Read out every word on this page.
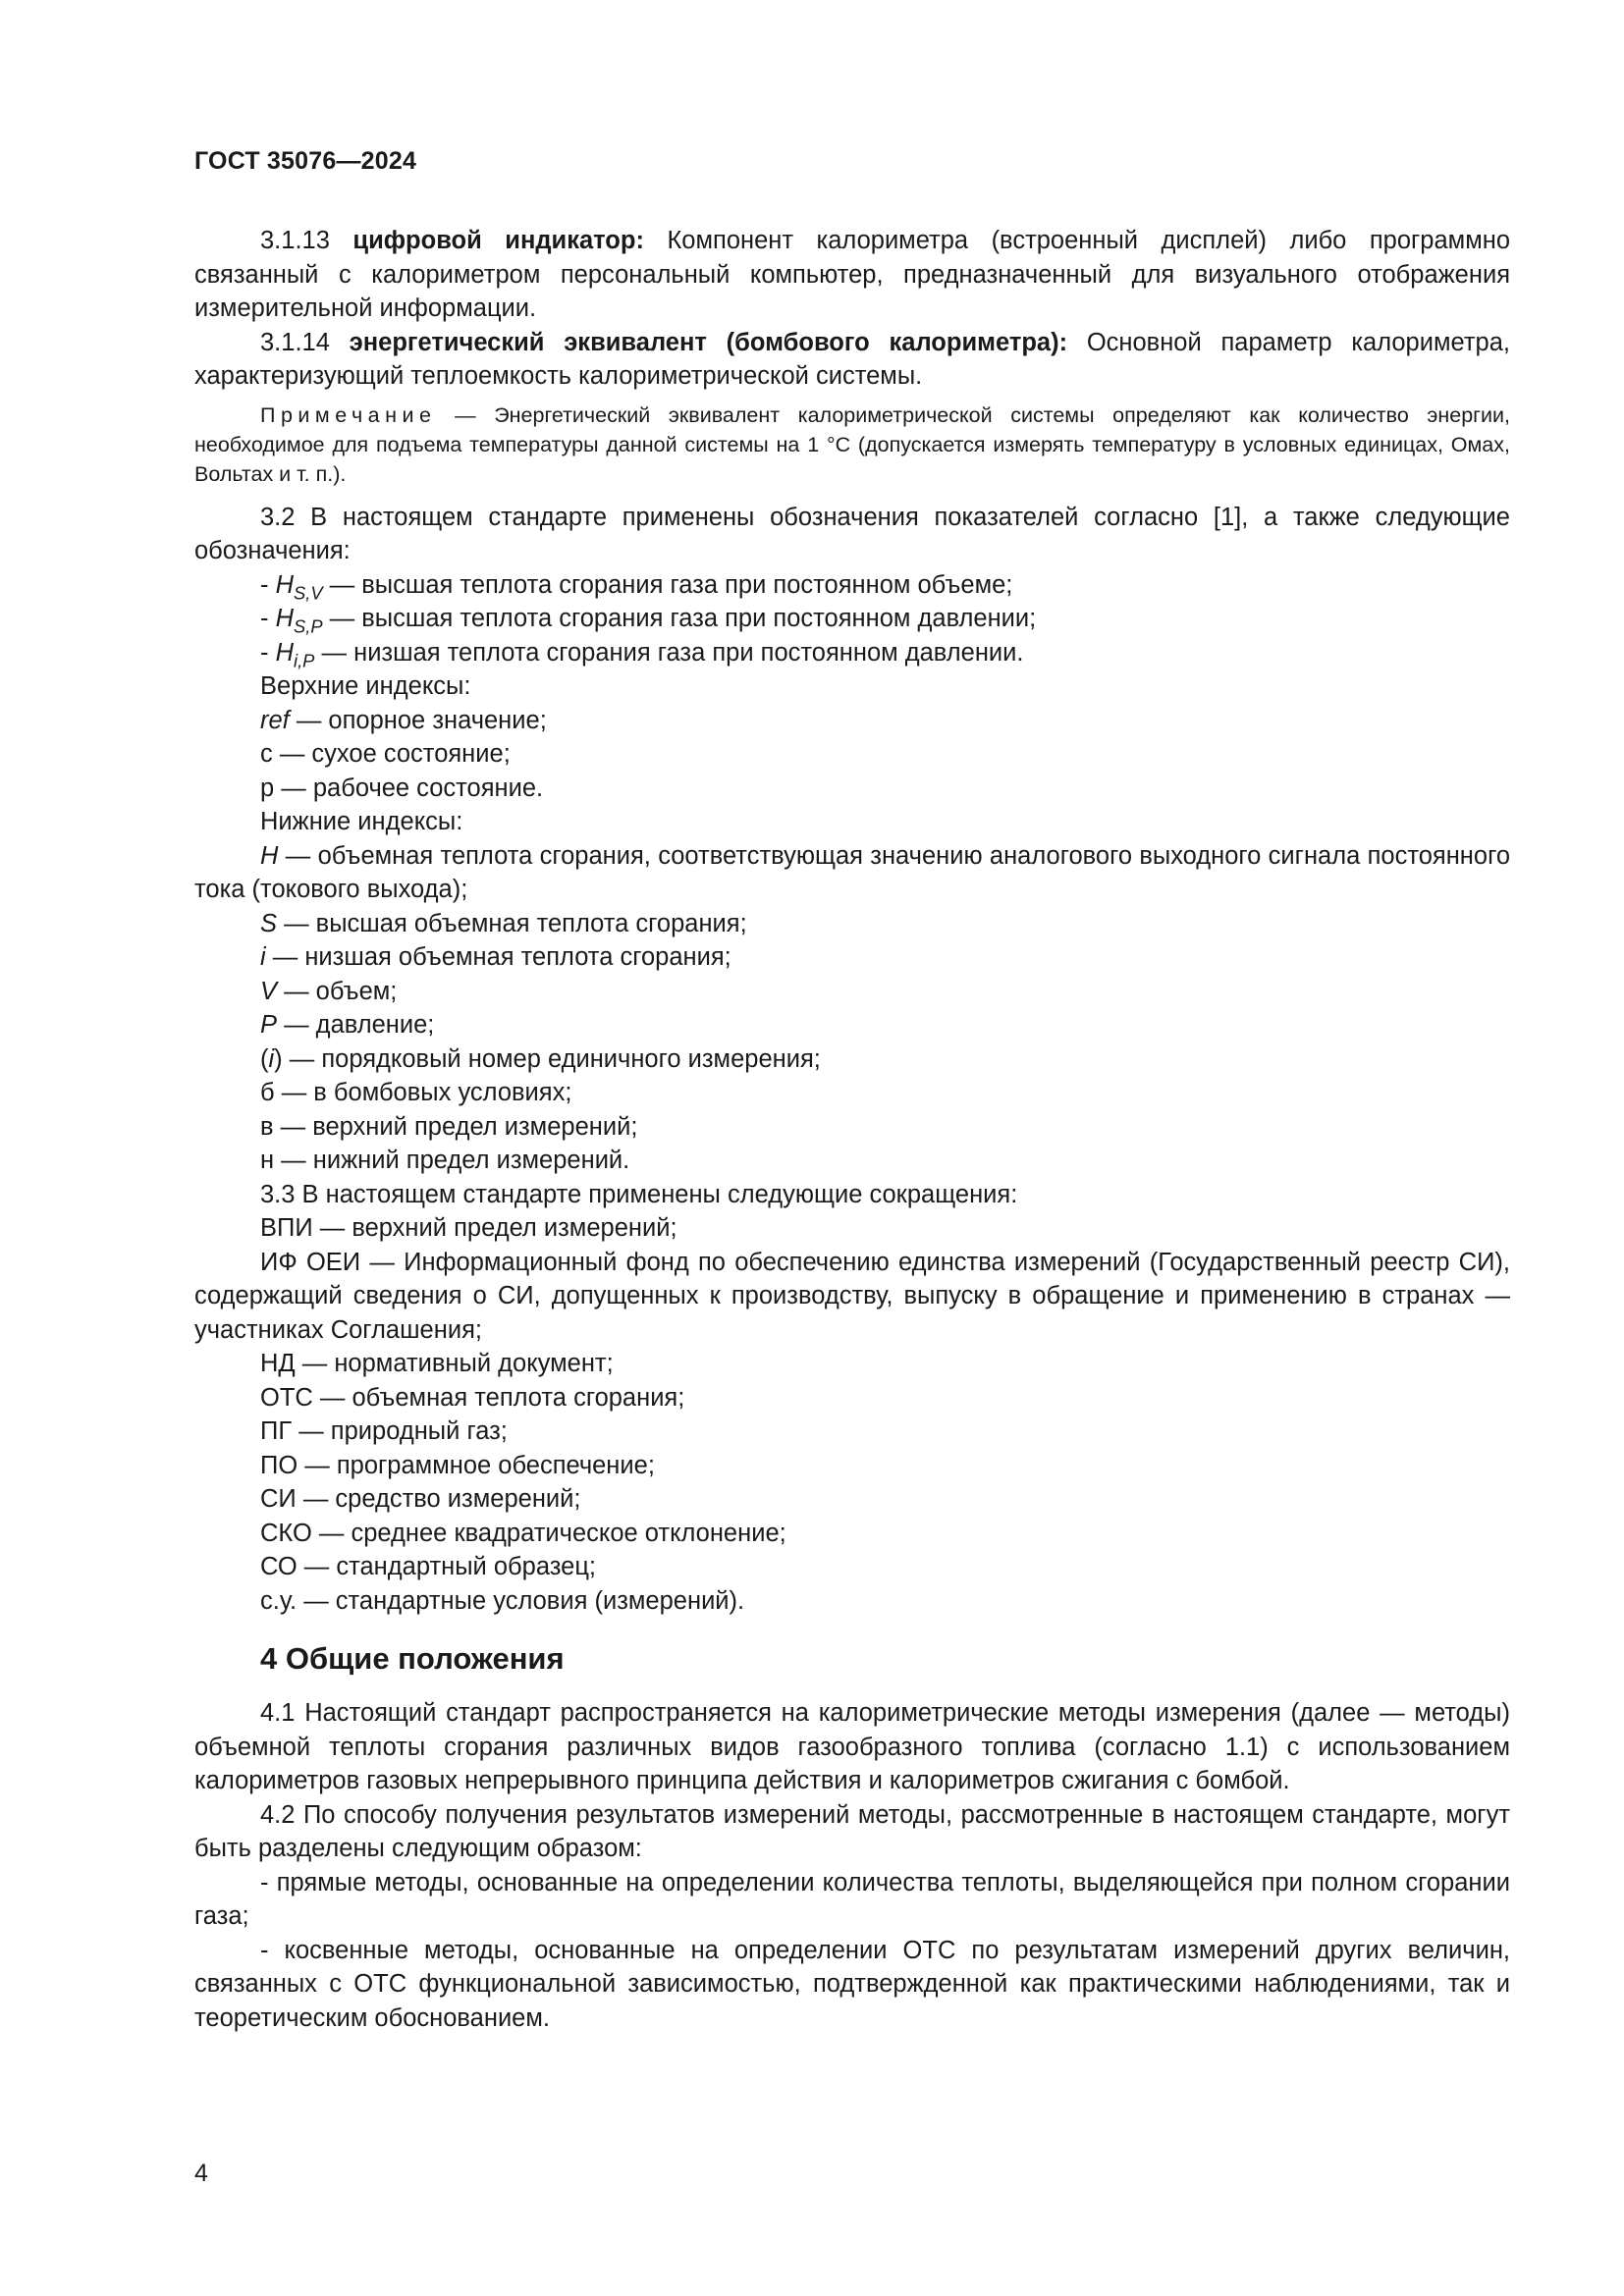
ГОСТ 35076—2024

3.1.13 цифровой индикатор: Компонент калориметра (встроенный дисплей) либо программно связанный с калориметром персональный компьютер, предназначенный для визуального отображения измерительной информации.

3.1.14 энергетический эквивалент (бомбового калориметра): Основной параметр калориметра, характеризующий теплоемкость калориметрической системы.

Примечание — Энергетический эквивалент калориметрической системы определяют как количество энергии, необходимое для подъема температуры данной системы на 1 °С (допускается измерять температуру в условных единицах, Омах, Вольтах и т. п.).

3.2 В настоящем стандарте применены обозначения показателей согласно [1], а также следующие обозначения:

- $H_{S,V}$ — высшая теплота сгорания газа при постоянном объеме;

- $H_{S,P}$ — высшая теплота сгорания газа при постоянном давлении;

- $H_{i,P}$ — низшая теплота сгорания газа при постоянном давлении.

Верхние индексы:

ref — опорное значение;

с — сухое состояние;

р — рабочее состояние.

Нижние индексы:

H — объемная теплота сгорания, соответствующая значению аналогового выходного сигнала постоянного тока (токового выхода);

S — высшая объемная теплота сгорания;

i — низшая объемная теплота сгорания;

V — объем;

P — давление;

(i) — порядковый номер единичного измерения;

б — в бомбовых условиях;

в — верхний предел измерений;

н — нижний предел измерений.

3.3 В настоящем стандарте применены следующие сокращения:

ВПИ — верхний предел измерений;

ИФ ОЕИ — Информационный фонд по обеспечению единства измерений (Государственный реестр СИ), содержащий сведения о СИ, допущенных к производству, выпуску в обращение и применению в странах — участниках Соглашения;

НД — нормативный документ;

ОТС — объемная теплота сгорания;

ПГ — природный газ;

ПО — программное обеспечение;

СИ — средство измерений;

СКО — среднее квадратическое отклонение;

СО — стандартный образец;

с.у. — стандартные условия (измерений).

4 Общие положения

4.1 Настоящий стандарт распространяется на калориметрические методы измерения (далее — методы) объемной теплоты сгорания различных видов газообразного топлива (согласно 1.1) с использованием калориметров газовых непрерывного принципа действия и калориметров сжигания с бомбой.

4.2 По способу получения результатов измерений методы, рассмотренные в настоящем стандарте, могут быть разделены следующим образом:

- прямые методы, основанные на определении количества теплоты, выделяющейся при полном сгорании газа;

- косвенные методы, основанные на определении ОТС по результатам измерений других величин, связанных с ОТС функциональной зависимостью, подтвержденной как практическими наблюдениями, так и теоретическим обоснованием.

4
